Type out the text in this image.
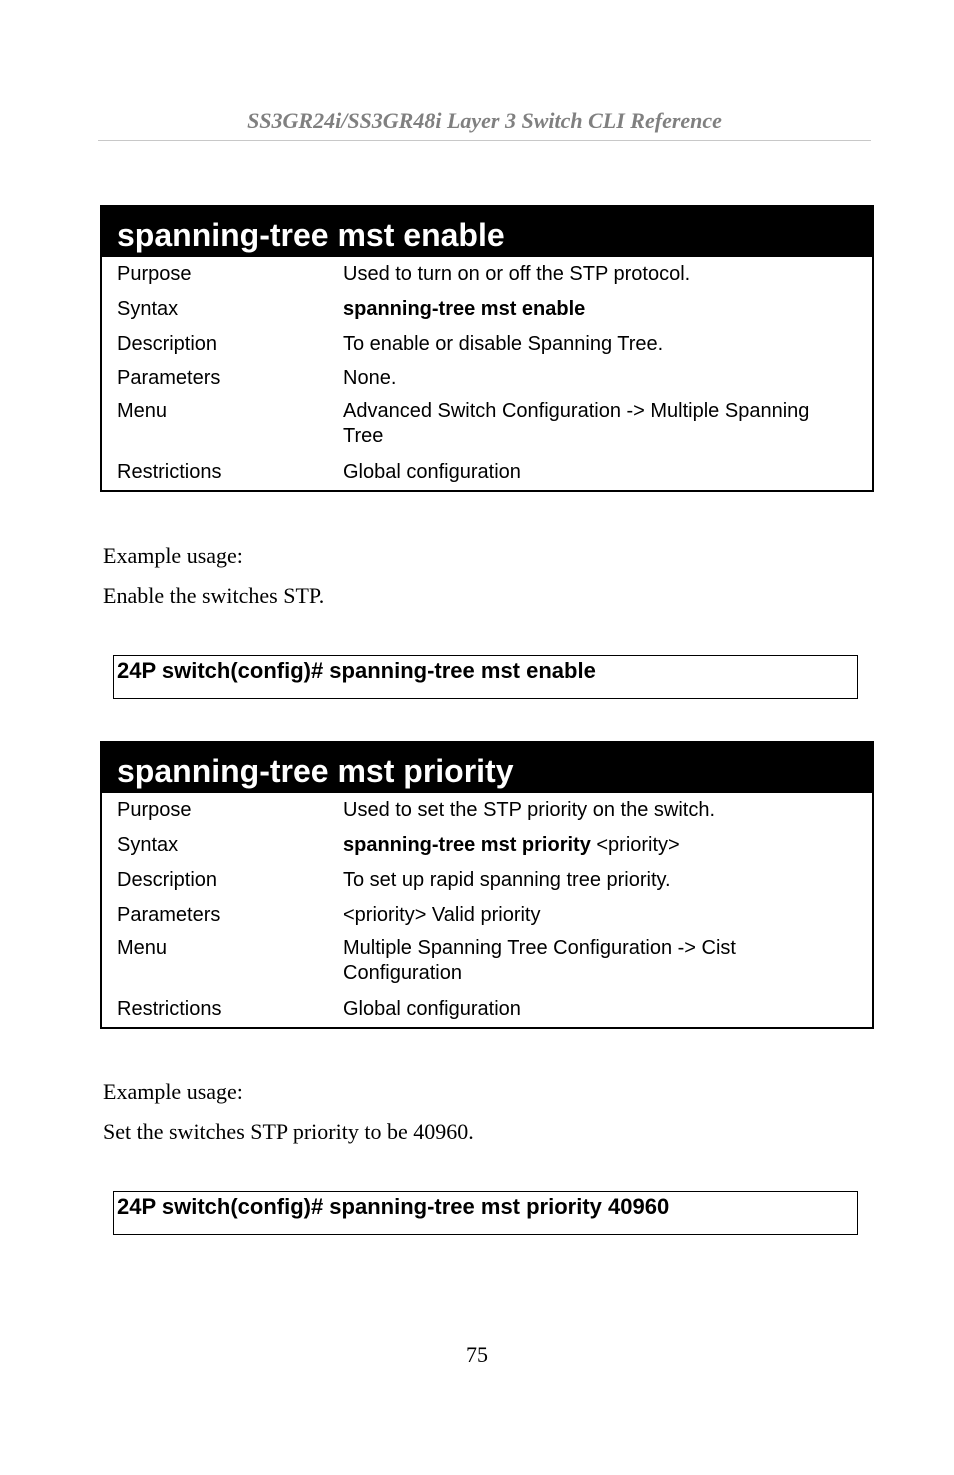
SS3GR24i/SS3GR48i Layer 3 Switch CLI Reference
spanning-tree mst enable
Purpose	Used to turn on or off the STP protocol.
Syntax	spanning-tree mst enable
Description	To enable or disable Spanning Tree.
Parameters	None.
Menu	Advanced Switch Configuration -> Multiple Spanning Tree
Restrictions	Global configuration
Example usage:
Enable the switches STP.
24P switch(config)# spanning-tree mst enable
spanning-tree mst priority
Purpose	Used to set the STP priority on the switch.
Syntax	spanning-tree mst priority <priority>
Description	To set up rapid spanning tree priority.
Parameters	<priority> Valid priority
Menu	Multiple Spanning Tree Configuration -> Cist Configuration
Restrictions	Global configuration
Example usage:
Set the switches STP priority to be 40960.
24P switch(config)# spanning-tree mst priority 40960
75
